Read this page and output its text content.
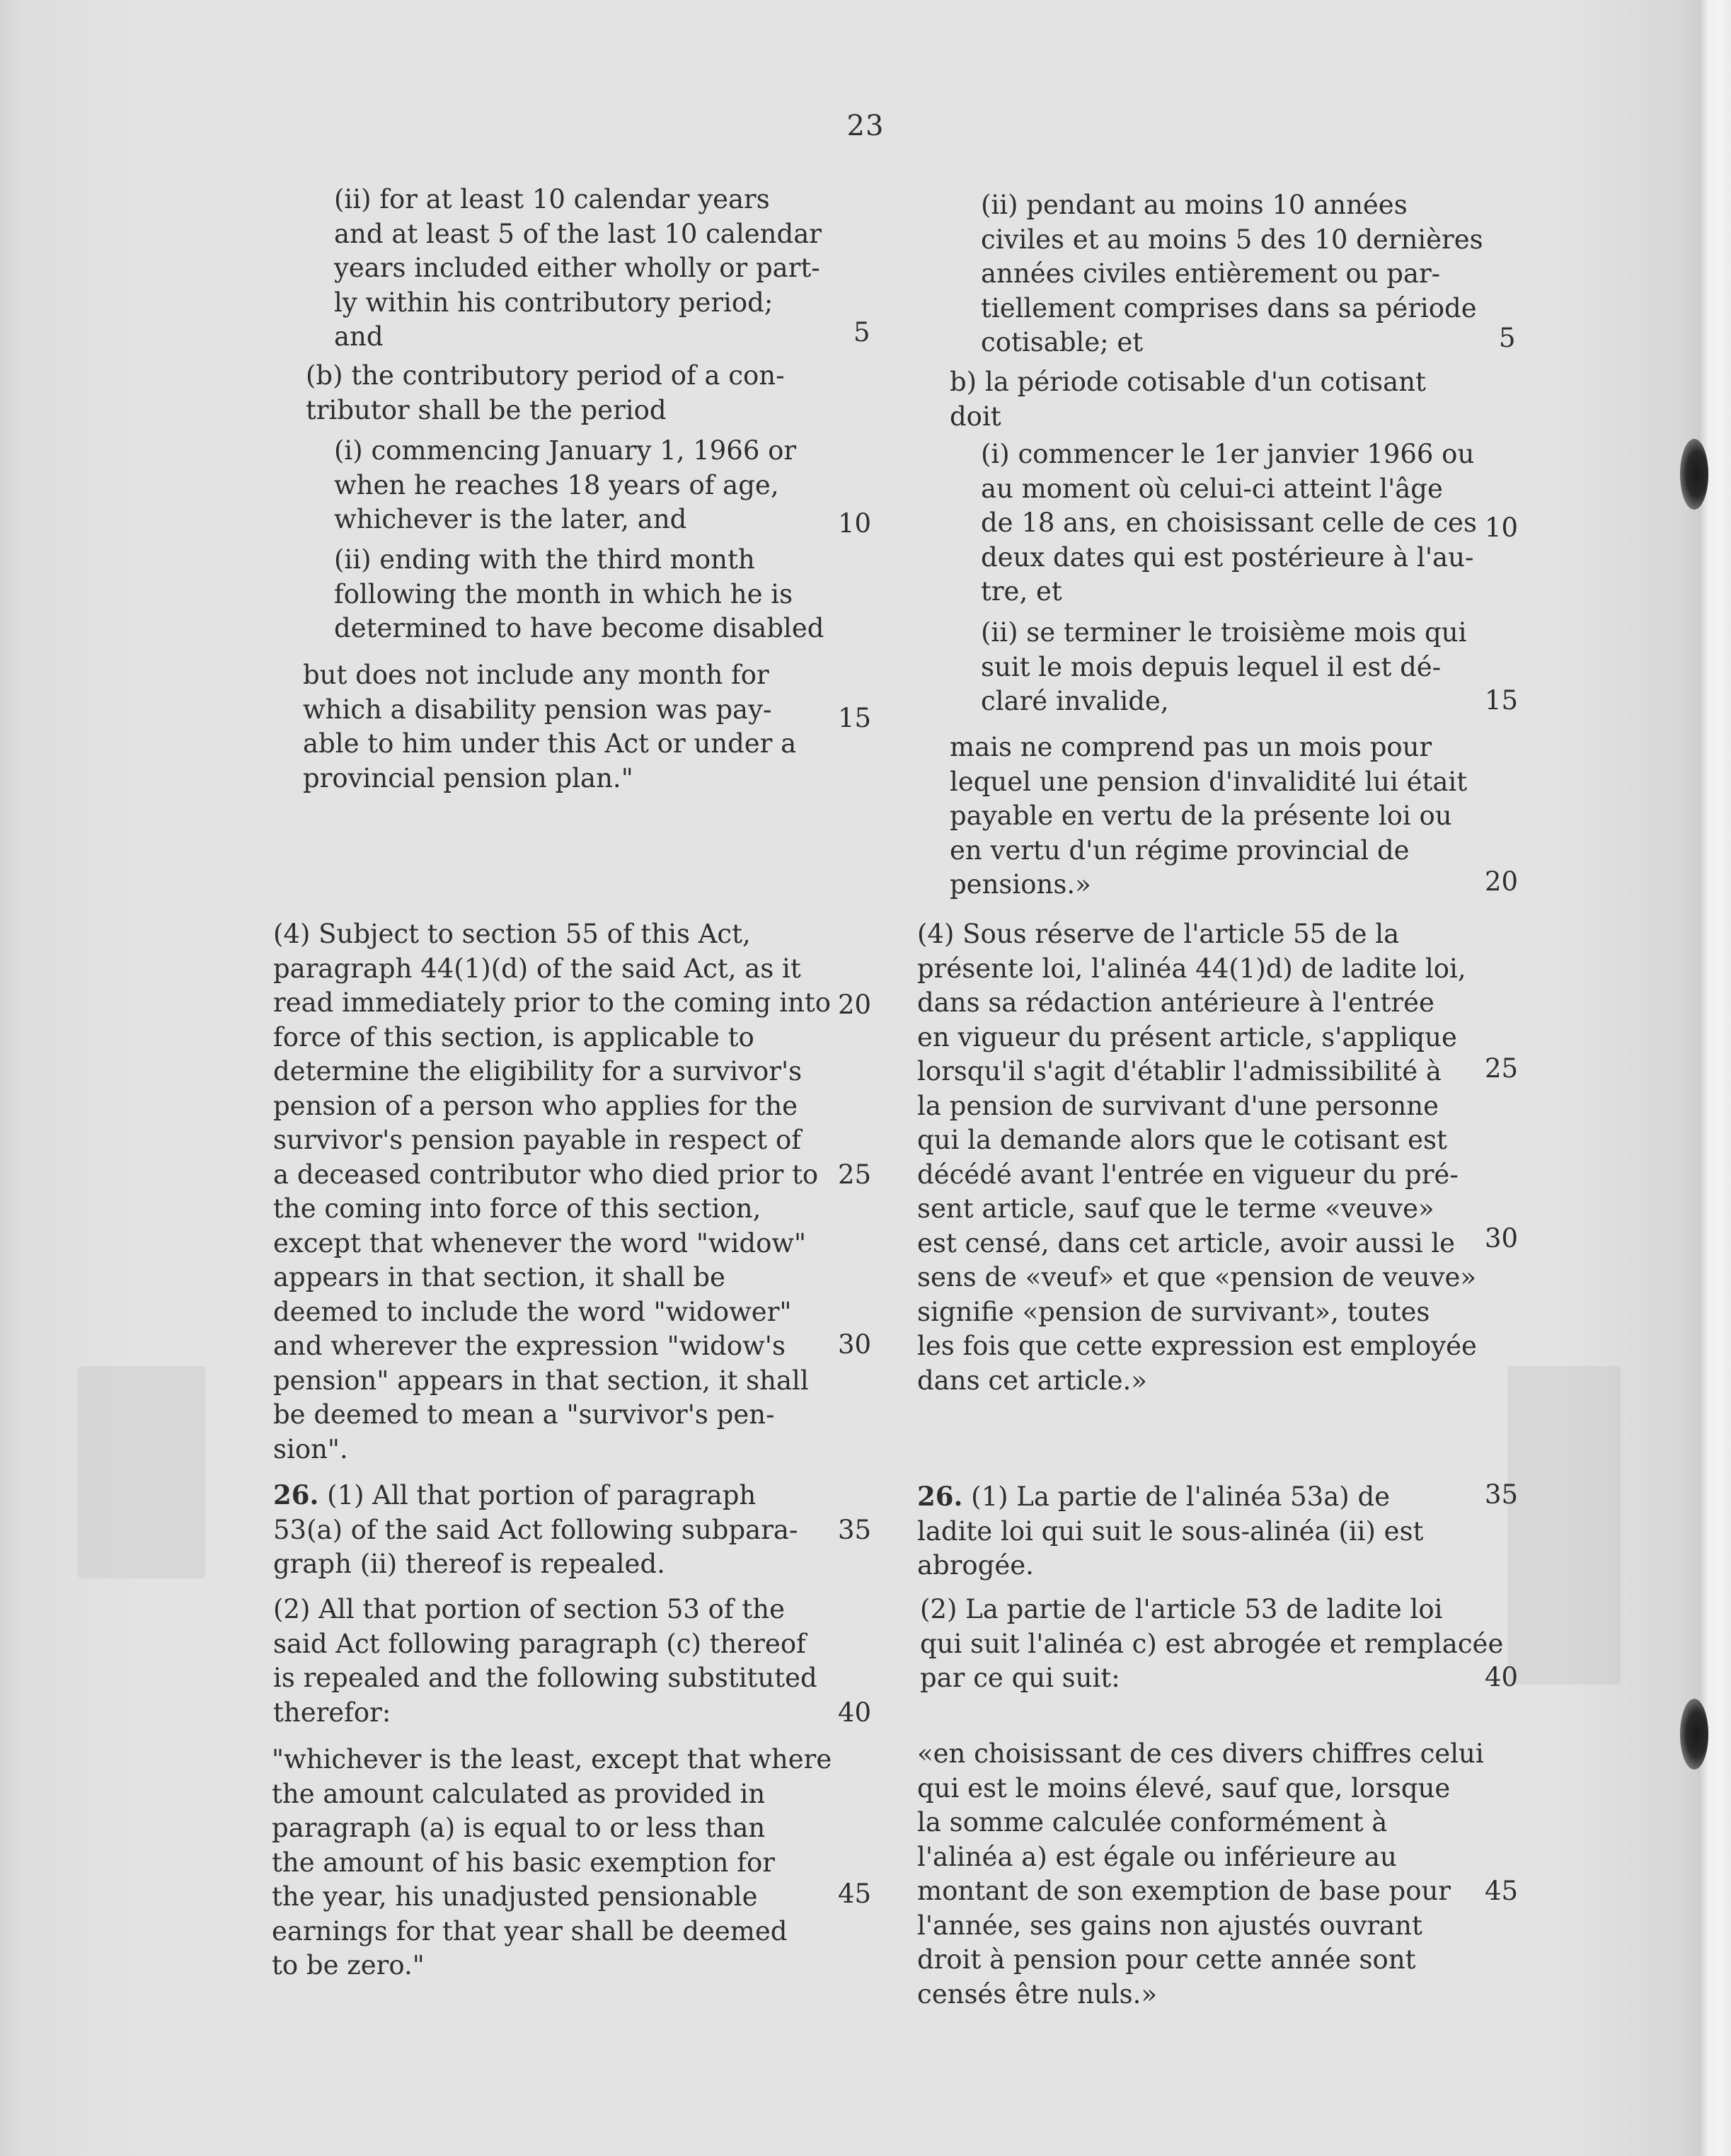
23
(ii) for at least 10 calendar years
and at least 5 of the last 10 calendar
years included either wholly or part-
ly within his contributory period;
and
(b) the contributory period of a con-
tributor shall be the period
(i) commencing January 1, 1966 or
when he reaches 18 years of age,
whichever is the later, and
(ii) ending with the third month
following the month in which he is
determined to have become disabled
but does not include any month for
which a disability pension was pay-
able to him under this Act or under a
provincial pension plan."
(4) Subject to section 55 of this Act,
paragraph 44(1)(d) of the said Act, as it
read immediately prior to the coming into
force of this section, is applicable to
determine the eligibility for a survivor's
pension of a person who applies for the
survivor's pension payable in respect of
a deceased contributor who died prior to
the coming into force of this section,
except that whenever the word "widow"
appears in that section, it shall be
deemed to include the word "widower"
and wherever the expression "widow's
pension" appears in that section, it shall
be deemed to mean a "survivor's pen-
sion".
26. (1) All that portion of paragraph
53(a) of the said Act following subpara-
graph (ii) thereof is repealed.
(2) All that portion of section 53 of the
said Act following paragraph (c) thereof
is repealed and the following substituted
therefor:
"whichever is the least, except that where
the amount calculated as provided in
paragraph (a) is equal to or less than
the amount of his basic exemption for
the year, his unadjusted pensionable
earnings for that year shall be deemed
to be zero."
5
10
15
20
25
30
35
40
45
(ii) pendant au moins 10 années
civiles et au moins 5 des 10 dernières
années civiles entièrement ou par-
tiellement comprises dans sa période
cotisable; et
b) la période cotisable d'un cotisant
doit
(i) commencer le 1er janvier 1966 ou
au moment où celui-ci atteint l'âge
de 18 ans, en choisissant celle de ces
deux dates qui est postérieure à l'au-
tre, et
(ii) se terminer le troisième mois qui
suit le mois depuis lequel il est dé-
claré invalide,
mais ne comprend pas un mois pour
lequel une pension d'invalidité lui était
payable en vertu de la présente loi ou
en vertu d'un régime provincial de
pensions.»
(4) Sous réserve de l'article 55 de la
présente loi, l'alinéa 44(1)d) de ladite loi,
dans sa rédaction antérieure à l'entrée
en vigueur du présent article, s'applique
lorsqu'il s'agit d'établir l'admissibilité à
la pension de survivant d'une personne
qui la demande alors que le cotisant est
décédé avant l'entrée en vigueur du pré-
sent article, sauf que le terme «veuve»
est censé, dans cet article, avoir aussi le
sens de «veuf» et que «pension de veuve»
signifie «pension de survivant», toutes
les fois que cette expression est employée
dans cet article.»
26. (1) La partie de l'alinéa 53a) de
ladite loi qui suit le sous-alinéa (ii) est
abrogée.
(2) La partie de l'article 53 de ladite loi
qui suit l'alinéa c) est abrogée et remplacée
par ce qui suit:
«en choisissant de ces divers chiffres celui
qui est le moins élevé, sauf que, lorsque
la somme calculée conformément à
l'alinéa a) est égale ou inférieure au
montant de son exemption de base pour
l'année, ses gains non ajustés ouvrant
droit à pension pour cette année sont
censés être nuls.»
5
10
15
20
25
30
35
40
45
